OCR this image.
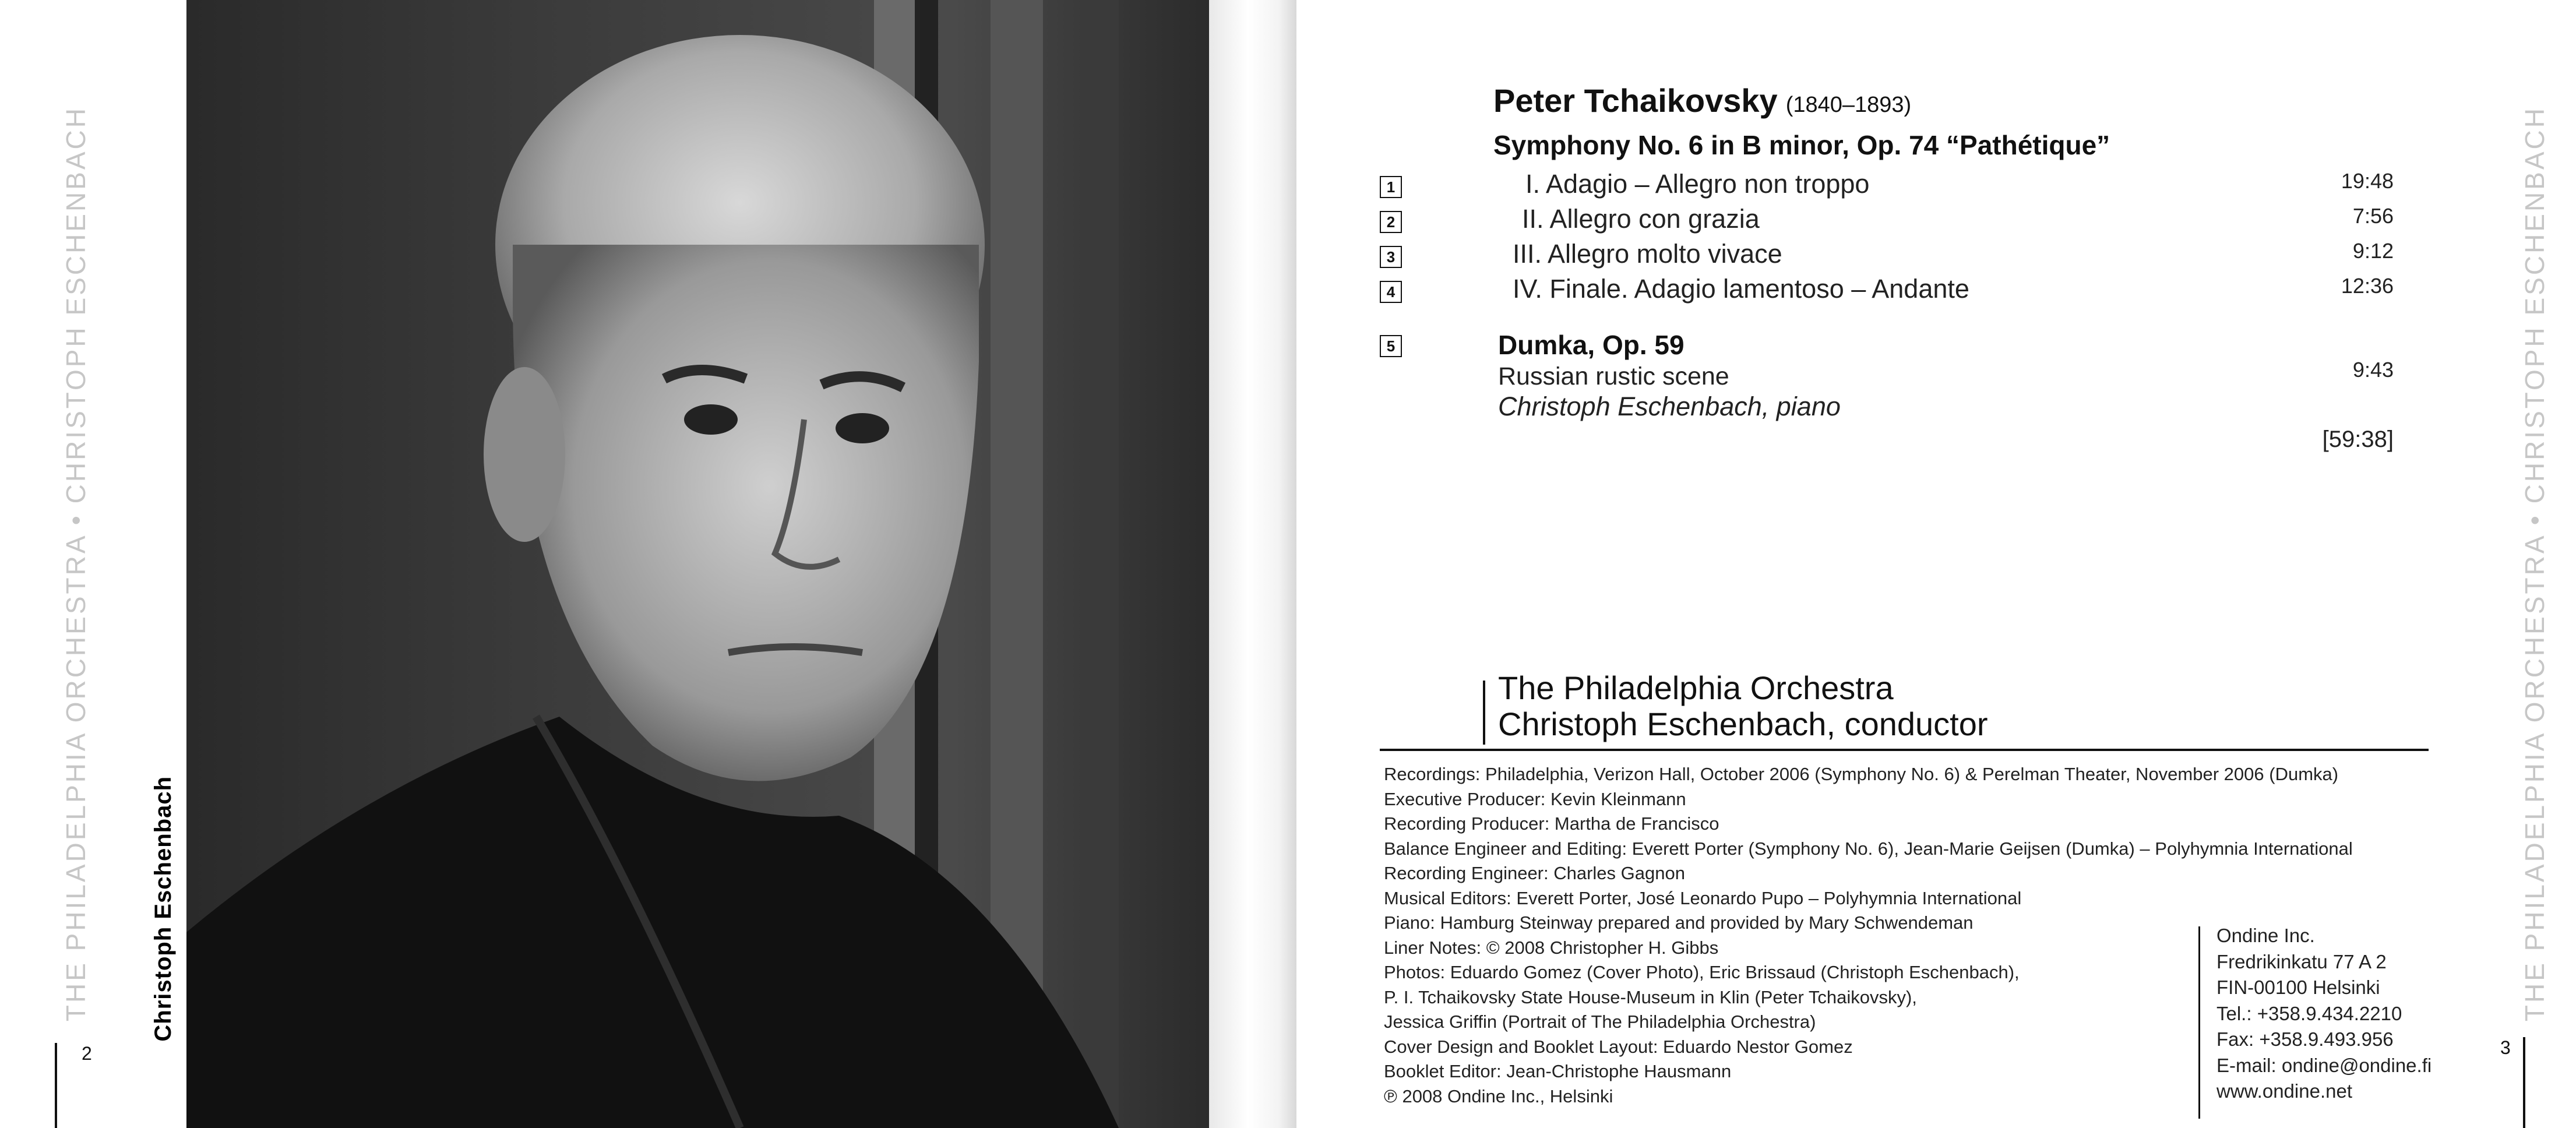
THE PHILADELPHIA ORCHESTRA • CHRISTOPH ESCHENBACH	Christoph Eschenbach
2
Peter Tchaikovsky (1840–1893)
Symphony No. 6 in B minor, Op. 74 “Pathétique”
1	I. Adagio – Allegro non troppo	19:48
2	II. Allegro con grazia	7:56
3	III. Allegro molto vivace	9:12
4	IV. Finale. Adagio lamentoso – Andante	12:36
5	Dumka, Op. 59
Russian rustic scene	9:43
Christoph Eschenbach, piano
[59:38]
The Philadelphia Orchestra
Christoph Eschenbach, conductor
Recordings: Philadelphia, Verizon Hall, October 2006 (Symphony No. 6) & Perelman Theater, November 2006 (Dumka)
Executive Producer: Kevin Kleinmann
Recording Producer: Martha de Francisco
Balance Engineer and Editing: Everett Porter (Symphony No. 6), Jean-Marie Geijsen (Dumka) – Polyhymnia International
Recording Engineer: Charles Gagnon
Musical Editors: Everett Porter, José Leonardo Pupo – Polyhymnia International
Piano: Hamburg Steinway prepared and provided by Mary Schwendeman
Liner Notes: © 2008 Christopher H. Gibbs
Photos: Eduardo Gomez (Cover Photo), Eric Brissaud (Christoph Eschenbach),
P. I. Tchaikovsky State House-Museum in Klin (Peter Tchaikovsky),
Jessica Griffin (Portrait of The Philadelphia Orchestra)
Cover Design and Booklet Layout: Eduardo Nestor Gomez
Booklet Editor: Jean-Christophe Hausmann
℗ 2008 Ondine Inc., Helsinki
Ondine Inc.
Fredrikinkatu 77 A 2
FIN-00100 Helsinki
Tel.: +358.9.434.2210
Fax: +358.9.493.956
E-mail: ondine@ondine.fi
www.ondine.net
3
THE PHILADELPHIA ORCHESTRA • CHRISTOPH ESCHENBACH
